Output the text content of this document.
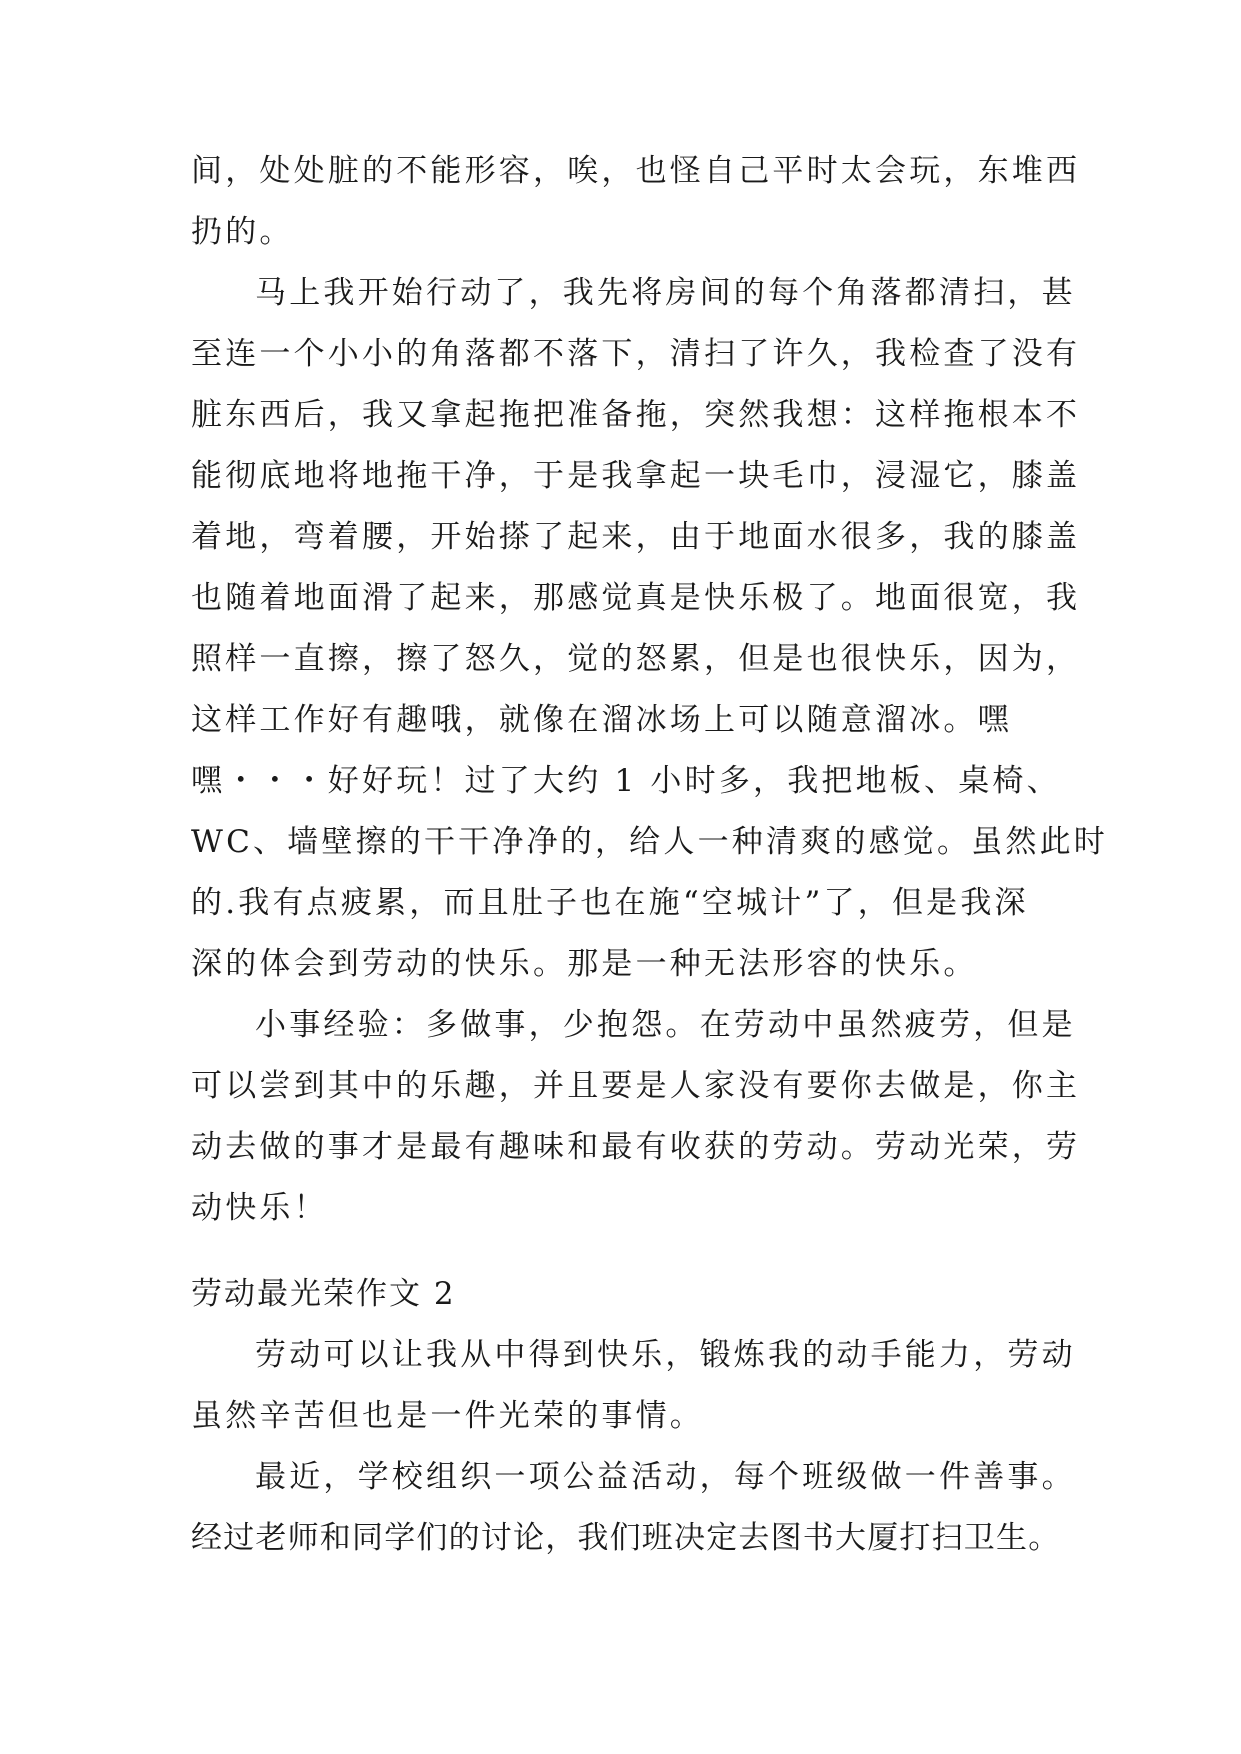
间，处处脏的不能形容，唉，也怪自己平时太会玩，东堆西
扔的。
马上我开始行动了，我先将房间的每个角落都清扫，甚
至连一个小小的角落都不落下，清扫了许久，我检查了没有
脏东西后，我又拿起拖把准备拖，突然我想：这样拖根本不
能彻底地将地拖干净，于是我拿起一块毛巾，浸湿它，膝盖
着地，弯着腰，开始搽了起来，由于地面水很多，我的膝盖
也随着地面滑了起来，那感觉真是快乐极了。地面很宽，我
照样一直擦，擦了怒久，觉的怒累，但是也很快乐，因为，
这样工作好有趣哦，就像在溜冰场上可以随意溜冰。嘿
嘿・・・好好玩！过了大约 1 小时多，我把地板、桌椅、
WC、墙壁擦的干干净净的，给人一种清爽的感觉。虽然此时
的.我有点疲累，而且肚子也在施“空城计”了，但是我深
深的体会到劳动的快乐。那是一种无法形容的快乐。
小事经验：多做事，少抱怨。在劳动中虽然疲劳，但是
可以尝到其中的乐趣，并且要是人家没有要你去做是，你主
动去做的事才是最有趣味和最有收获的劳动。劳动光荣，劳
动快乐！
劳动最光荣作文 2
劳动可以让我从中得到快乐，锻炼我的动手能力，劳动
虽然辛苦但也是一件光荣的事情。
最近，学校组织一项公益活动，每个班级做一件善事。
经过老师和同学们的讨论，我们班决定去图书大厦打扫卫生。
